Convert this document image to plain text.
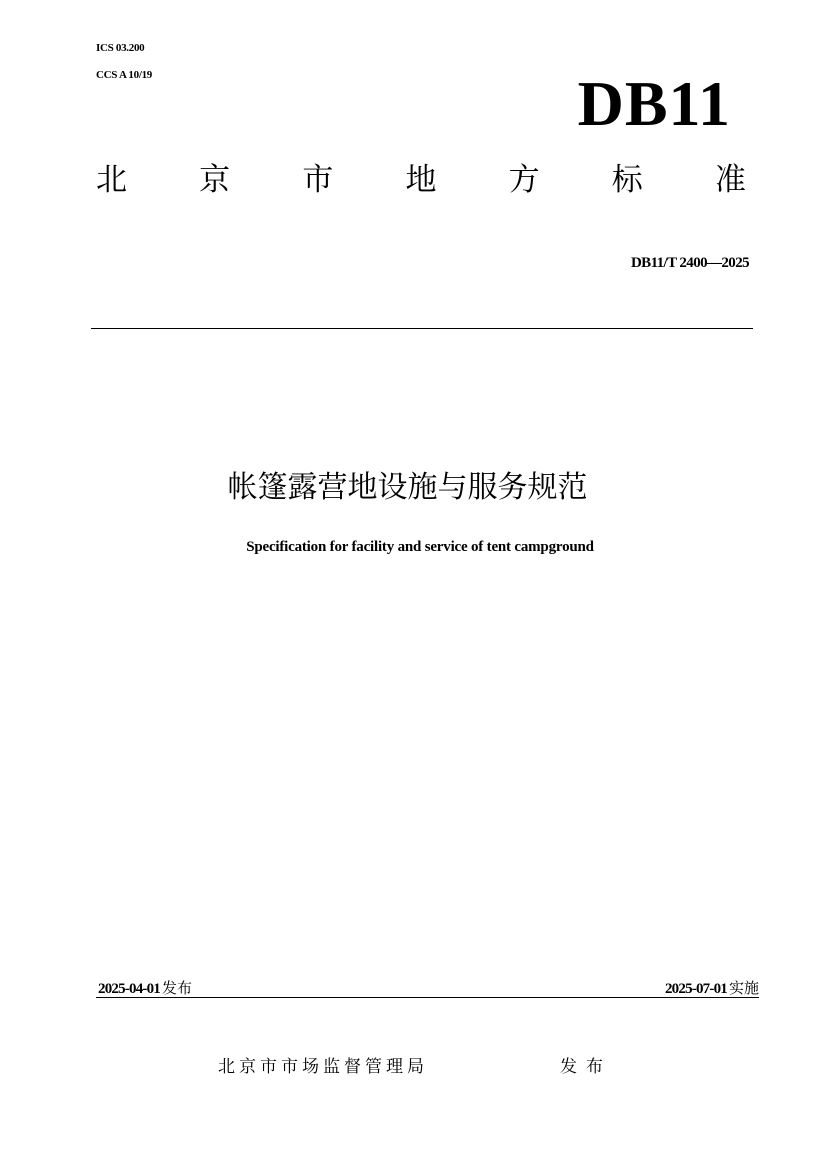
ICS 03.200
CCS A 10/19	DB11
北 京 市 地 方 标 准
DB11/T 2400—2025
帐篷露营地设施与服务规范
Specification for facility and service of tent campground
2025-04-01 发布	2025-07-01 实施
北京市市场监督管理局	发布
